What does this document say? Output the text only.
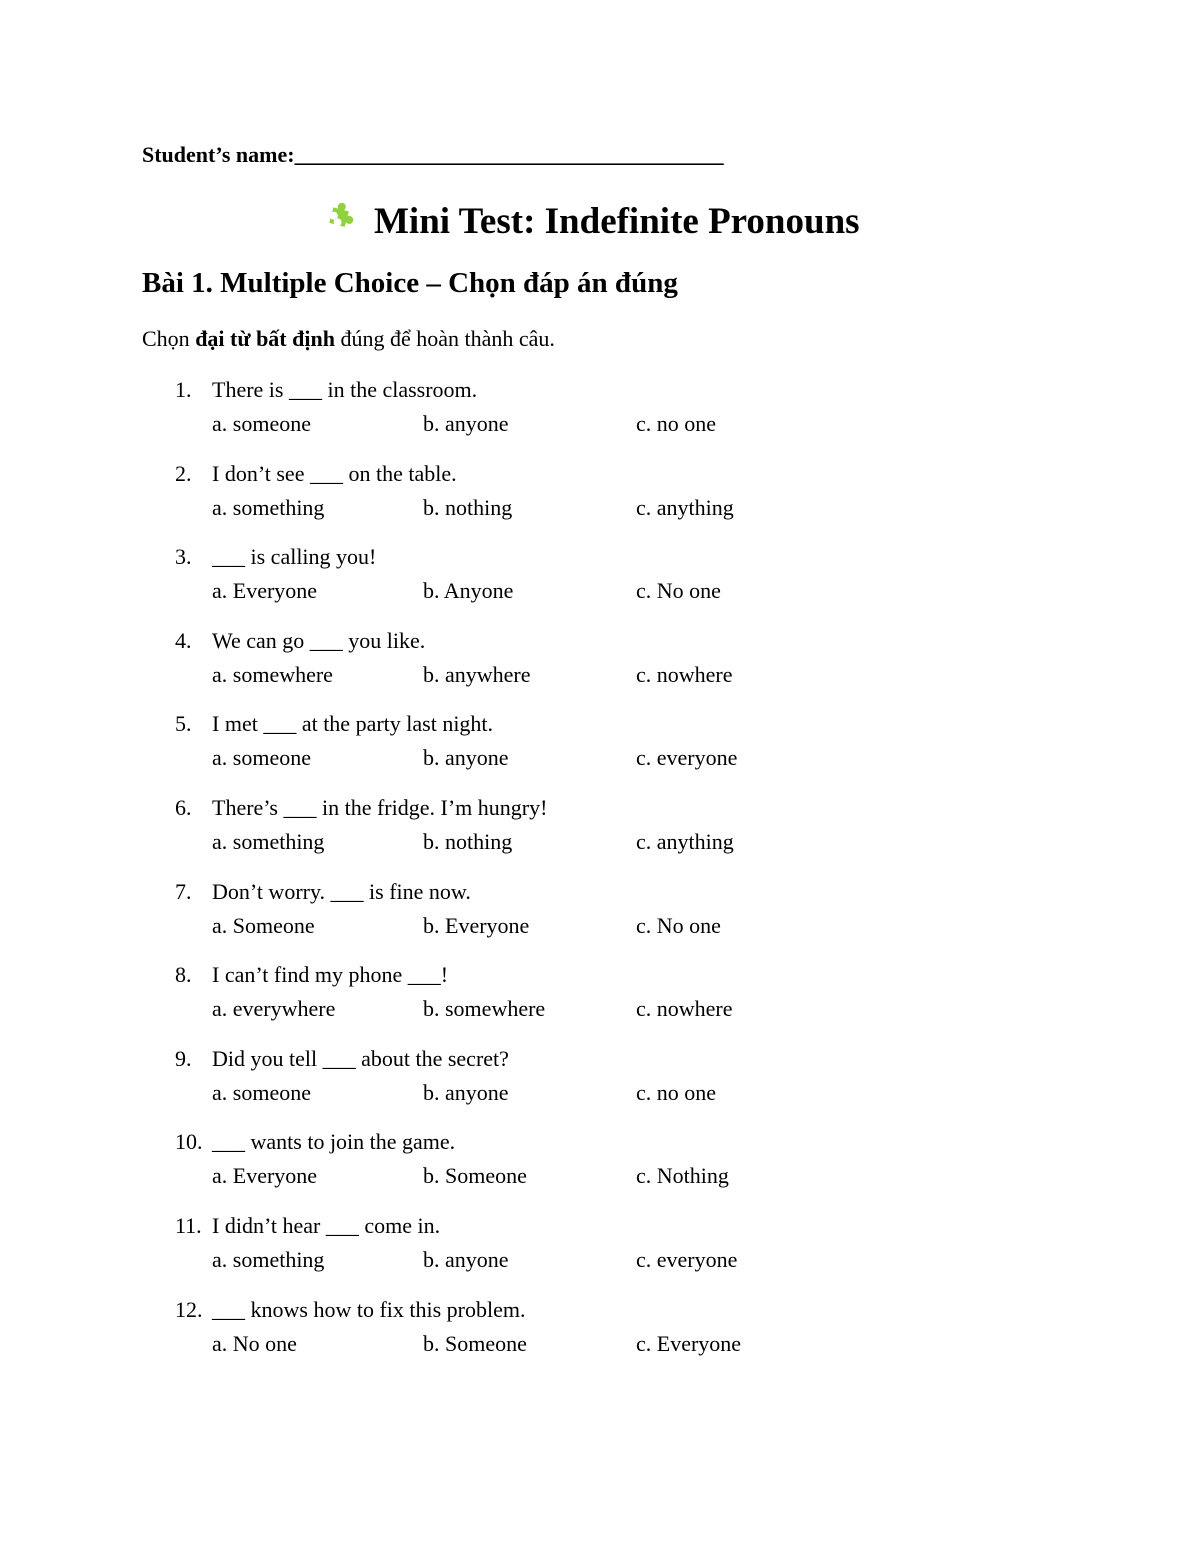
Student’s name:_______________________________________
Mini Test: Indefinite Pronouns
Bài 1. Multiple Choice – Chọn đáp án đúng
Chọn đại từ bất định đúng để hoàn thành câu.
1. There is ___ in the classroom.
a. someone	b. anyone	c. no one
2. I don’t see ___ on the table.
a. something	b. nothing	c. anything
3. ___ is calling you!
a. Everyone	b. Anyone	c. No one
4. We can go ___ you like.
a. somewhere	b. anywhere	c. nowhere
5. I met ___ at the party last night.
a. someone	b. anyone	c. everyone
6. There’s ___ in the fridge. I’m hungry!
a. something	b. nothing	c. anything
7. Don’t worry. ___ is fine now.
a. Someone	b. Everyone	c. No one
8. I can’t find my phone ___!
a. everywhere	b. somewhere	c. nowhere
9. Did you tell ___ about the secret?
a. someone	b. anyone	c. no one
10. ___ wants to join the game.
a. Everyone	b. Someone	c. Nothing
11. I didn’t hear ___ come in.
a. something	b. anyone	c. everyone
12. ___ knows how to fix this problem.
a. No one	b. Someone	c. Everyone
